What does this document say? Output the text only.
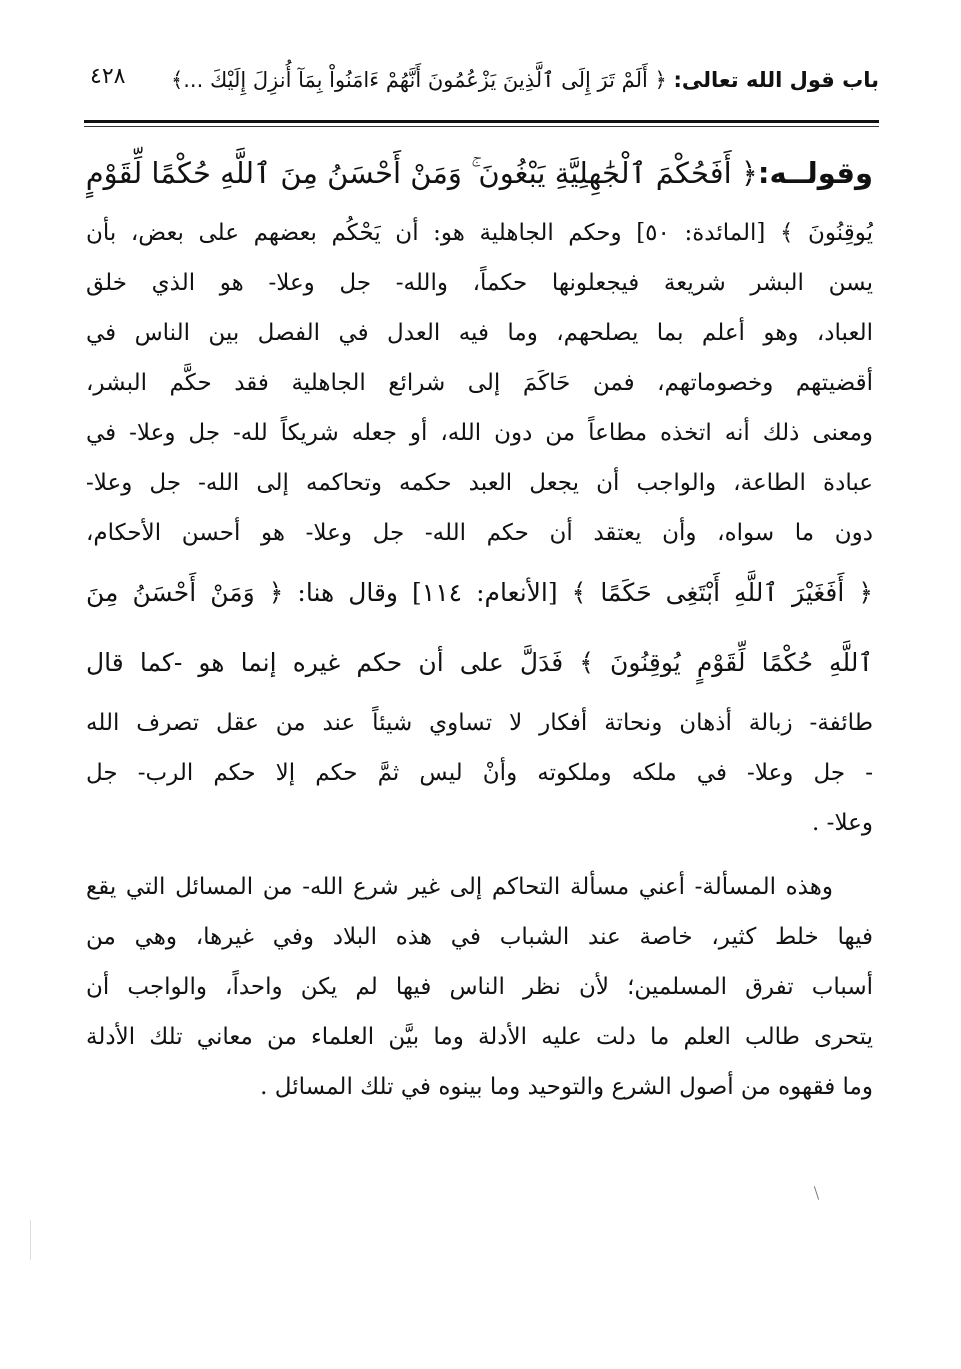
باب قول الله تعالى: ﴿ أَلَمْ تَرَ إِلَى ٱلَّذِينَ يَزْعُمُونَ أَنَّهُمْ ءَامَنُواْ بِمَآ أُنزِلَ إِلَيْكَ ...﴾
٤٢٨
وقولــه:﴿ أَفَحُكْمَ ٱلْجَٰهِلِيَّةِ يَبْغُونَ ۚ وَمَنْ أَحْسَنُ مِنَ ٱللَّهِ حُكْمًا لِّقَوْمٍ
يُوقِنُونَ ﴾ [المائدة: ٥٠] وحكم الجاهلية هو: أن يَحْكُم بعضهم على بعض، بأن
يسن البشر شريعة فيجعلونها حكماً، والله- جل وعلا- هو الذي خلق
العباد، وهو أعلم بما يصلحهم، وما فيه العدل في الفصل بين الناس في
أقضيتهم وخصوماتهم، فمن حَاكَمَ إلى شرائع الجاهلية فقد حكَّم البشر،
ومعنى ذلك أنه اتخذه مطاعاً من دون الله، أو جعله شريكاً لله- جل وعلا- في
عبادة الطاعة، والواجب أن يجعل العبد حكمه وتحاكمه إلى الله- جل وعلا-
دون ما سواه، وأن يعتقد أن حكم الله- جل وعلا- هو أحسن الأحكام،
﴿ أَفَغَيْرَ ٱللَّهِ أَبْتَغِى حَكَمًا ﴾ [الأنعام: ١١٤] وقال هنا: ﴿ وَمَنْ أَحْسَنُ مِنَ
ٱللَّهِ حُكْمًا لِّقَوْمٍ يُوقِنُونَ ﴾ فَدَلَّ على أن حكم غيره إنما هو -كما قال
طائفة- زبالة أذهان ونحاتة أفكار لا تساوي شيئاً عند من عقل تصرف الله
- جل وعلا- في ملكه وملكوته وأنْ ليس ثمَّ حكم إلا حكم الرب- جل
وعلا- .
وهذه المسألة- أعني مسألة التحاكم إلى غير شرع الله- من المسائل التي يقع
فيها خلط كثير، خاصة عند الشباب في هذه البلاد وفي غيرها، وهي من
أسباب تفرق المسلمين؛ لأن نظر الناس فيها لم يكن واحداً، والواجب أن
يتحرى طالب العلم ما دلت عليه الأدلة وما بيَّن العلماء من معاني تلك الأدلة
وما فقهوه من أصول الشرع والتوحيد وما بينوه في تلك المسائل .
